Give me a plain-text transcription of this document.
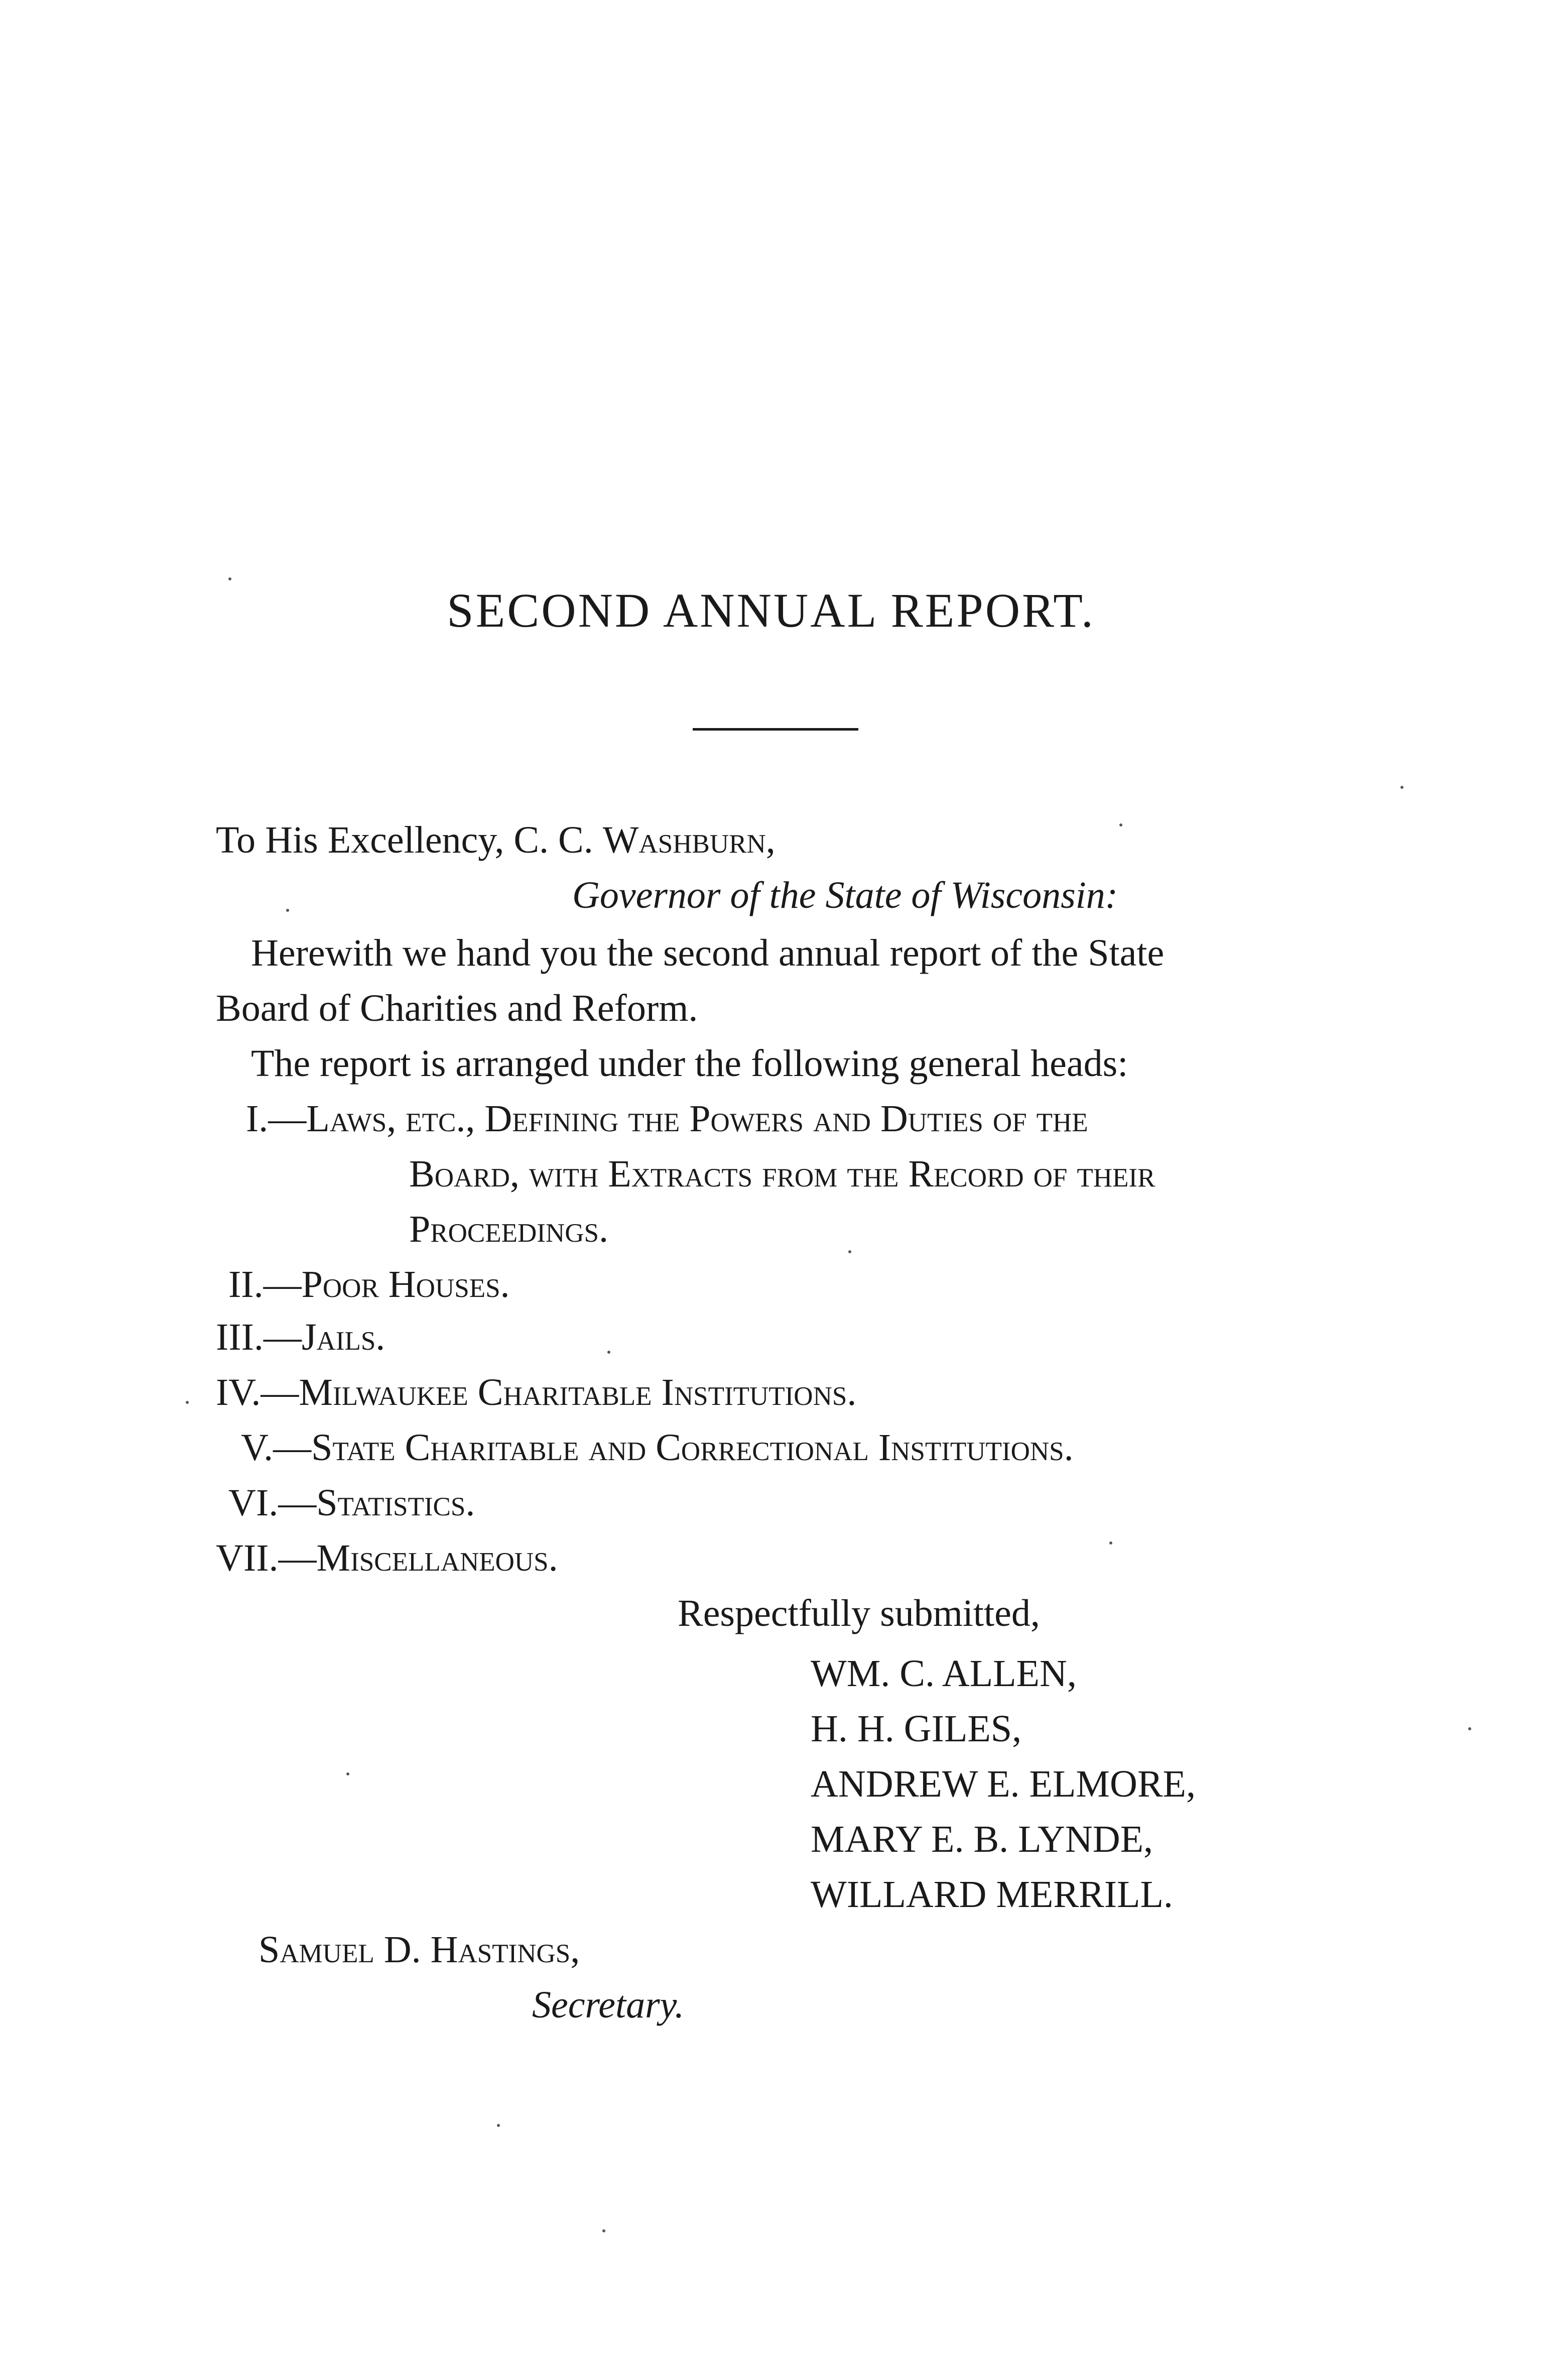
SECOND ANNUAL REPORT.
To His Excellency, C. C. Washburn,
Governor of the State of Wisconsin:
Herewith we hand you the second annual report of the State
Board of Charities and Reform.
The report is arranged under the following general heads:
I.—Laws, etc., Defining the Powers and Duties of the
Board, with Extracts from the Record of their
Proceedings.
II.—Poor Houses.
III.—Jails.
IV.—Milwaukee Charitable Institutions.
V.—State Charitable and Correctional Institutions.
VI.—Statistics.
VII.—Miscellaneous.
Respectfully submitted,
WM. C. ALLEN,
H. H. GILES,
ANDREW E. ELMORE,
MARY E. B. LYNDE,
WILLARD MERRILL.
Samuel D. Hastings,
Secretary.
